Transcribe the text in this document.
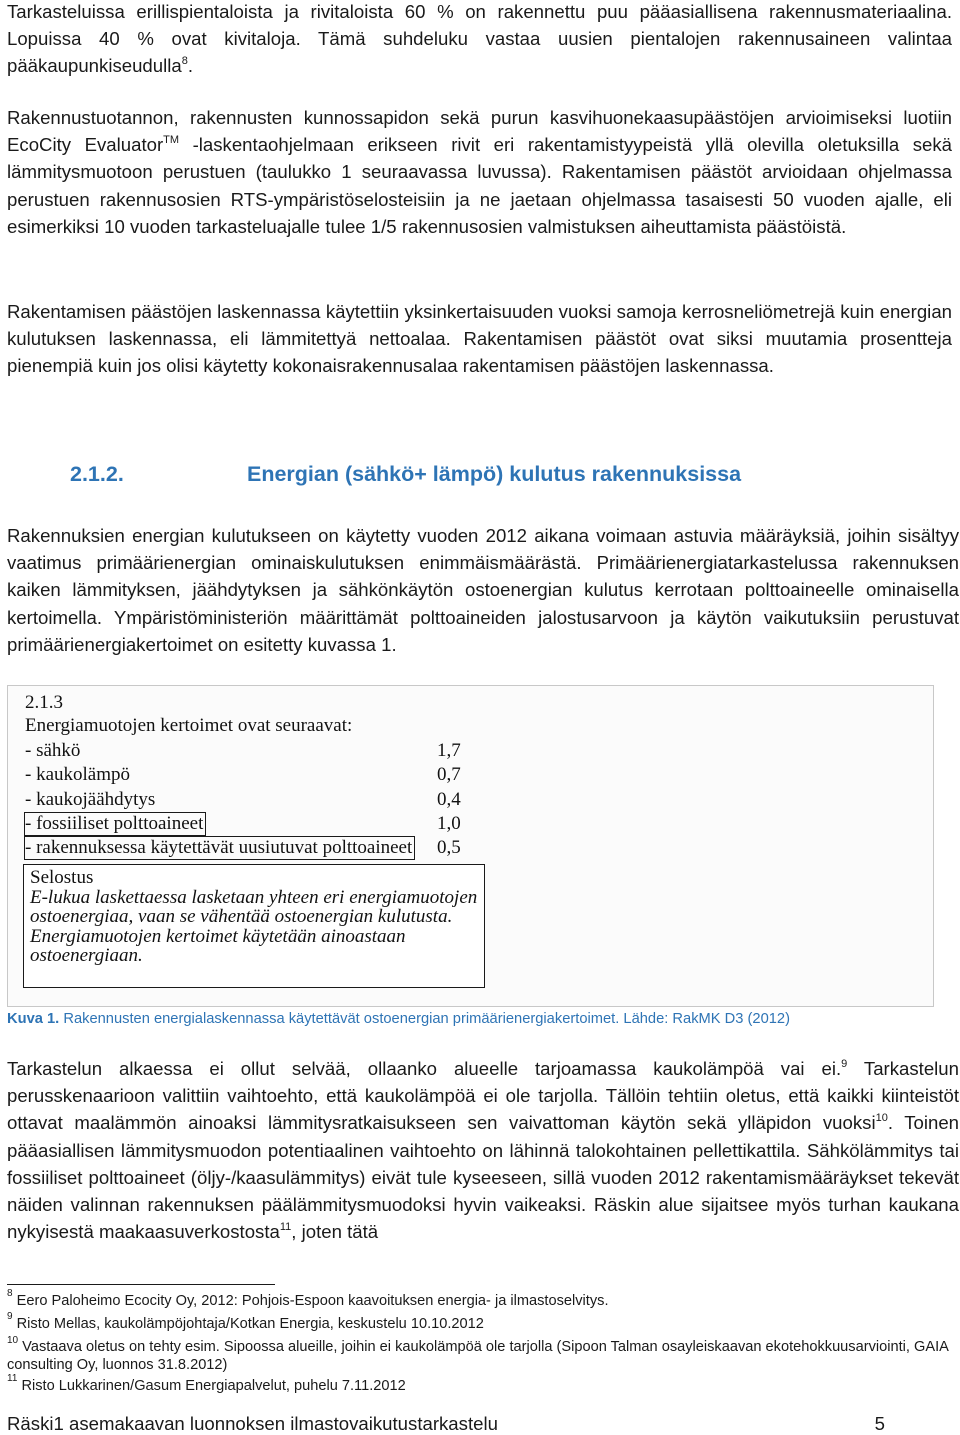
Tarkasteluissa erillispientaloista ja rivitaloista 60 % on rakennettu puu pääasiallisena rakennusmateriaalina. Lopuissa 40 % ovat kivitaloja. Tämä suhdeluku vastaa uusien pientalojen rakennusaineen valintaa pääkaupunkiseudulla$^8$.

Rakennustuotannon, rakennusten kunnossapidon sekä purun kasvihuonekaasupäästöjen arvioimiseksi luotiin EcoCity Evaluator™ -laskentaohjelmaan erikseen rivit eri rakentamistyypeistä yllä olevilla oletuksilla sekä lämmitysmuotoon perustuen (taulukko 1 seuraavassa luvussa). Rakentamisen päästöt arvioidaan ohjelmassa perustuen rakennusosien RTS-ympäristöselosteisiin ja ne jaetaan ohjelmassa tasaisesti 50 vuoden ajalle, eli esimerkiksi 10 vuoden tarkasteluajalle tulee 1/5 rakennusosien valmistuksen aiheuttamista päästöistä.

Rakentamisen päästöjen laskennassa käytettiin yksinkertaisuuden vuoksi samoja kerrosneliömetrejä kuin energian kulutuksen laskennassa, eli lämmitettyä nettoalaa. Rakentamisen päästöt ovat siksi muutamia prosentteja pienempiä kuin jos olisi käytetty kokonaisrakennusalaa rakentamisen päästöjen laskennassa.

2.1.2.	Energian (sähkö+ lämpö) kulutus rakennuksissa

Rakennuksien energian kulutukseen on käytetty vuoden 2012 aikana voimaan astuvia määräyksiä, joihin sisältyy vaatimus primäärienergian ominaiskulutuksen enimmäismäärästä. Primäärienergiatarkastelussa rakennuksen kaiken lämmityksen, jäähdytyksen ja sähkönkäytön ostoenergian kulutus kerrotaan polttoaineelle ominaisella kertoimella. Ympäristöministeriön määrittämät polttoaineiden jalostusarvoon ja käytön vaikutuksiin perustuvat primäärienergiakertoimet on esitetty kuvassa 1.

2.1.3
Energiamuotojen kertoimet ovat seuraavat:
- sähkö	1,7
- kaukolämpö	0,7
- kaukojäähdytys	0,4
- fossiiliset polttoaineet	1,0
- rakennuksessa käytettävät uusiutuvat polttoaineet 0,5
Selostus
E-lukua laskettaessa lasketaan yhteen eri energiamuotojen ostoenergiaa, vaan se vähentää ostoenergian kulutusta. Energiamuotojen kertoimet käytetään ainoastaan ostoenergiaan.
Kuva 1. Rakennusten energialaskennassa käytettävät ostoenergian primäärienergiakertoimet. Lähde: RakMK D3 (2012)

Tarkastelun alkaessa ei ollut selvää, ollaanko alueelle tarjoamassa kaukolämpöä vai ei.$^9$ Tarkastelun perusskenaarioon valittiin vaihtoehto, että kaukolämpöä ei ole tarjolla. Tällöin tehtiin oletus, että kaikki kiinteistöt ottavat maalämmön ainoaksi lämmitysratkaisukseen sen vaivattoman käytön sekä ylläpidon vuoksi$^{10}$. Toinen pääasiallisen lämmitysmuodon potentiaalinen vaihtoehto on lähinnä talokohtainen pellettikattila. Sähkölämmitys tai fossiiliset polttoaineet (öljy-/kaasulämmitys) eivät tule kyseeseen, sillä vuoden 2012 rakentamismääräykset tekevät näiden valinnan rakennuksen päälämmitysmuodoksi hyvin vaikeaksi. Räskin alue sijaitsee myös turhan kaukana nykyisestä maakaasuverkostosta$^{11}$, joten tätä

$^8$ Eero Paloheimo Ecocity Oy, 2012: Pohjois-Espoon kaavoituksen energia- ja ilmastoselvitys.
$^9$ Risto Mellas, kaukolämpöjohtaja/Kotkan Energia, keskustelu 10.10.2012
$^{10}$ Vastaava oletus on tehty esim. Sipoossa alueille, joihin ei kaukolämpöä ole tarjolla (Sipoon Talman osayleiskaavan ekotehokkuusarviointi, GAIA consulting Oy, luonnos 31.8.2012)
$^{11}$ Risto Lukkarinen/Gasum Energiapalvelut, puhelu 7.11.2012
Räski1 asemakaavan luonnoksen ilmastovaikutustarkastelu	5
